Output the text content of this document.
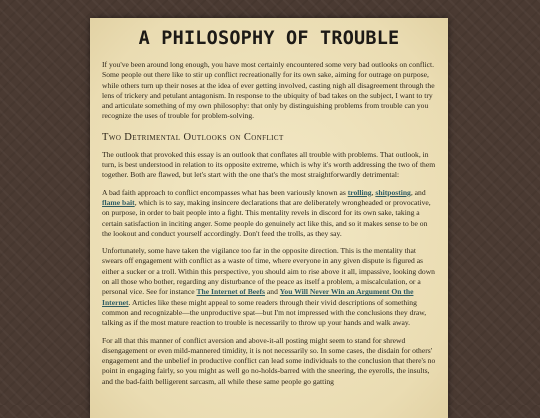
A PHILOSOPHY OF TROUBLE

If you've been around long enough, you have most certainly encountered some very bad outlooks on conflict. Some people out there like to stir up conflict recreationally for its own sake, aiming for outrage on purpose, while others turn up their noses at the idea of ever getting involved, casting nigh all disagreement through the lens of trickery and petulant antagonism. In response to the ubiquity of bad takes on the subject, I want to try and articulate something of my own philosophy: that only by distinguishing problems from trouble can you recognize the uses of trouble for problem-solving.

Two Detrimental Outlooks on Conflict

The outlook that provoked this essay is an outlook that conflates all trouble with problems. That outlook, in turn, is best understood in relation to its opposite extreme, which is why it's worth addressing the two of them together. Both are flawed, but let's start with the one that's the most straightforwardly detrimental:

A bad faith approach to conflict encompasses what has been variously known as trolling, shitposting, and flame bait, which is to say, making insincere declarations that are deliberately wrongheaded or provocative, on purpose, in order to bait people into a fight. This mentality revels in discord for its own sake, taking a certain satisfaction in inciting anger. Some people do genuinely act like this, and so it makes sense to be on the lookout and conduct yourself accordingly. Don't feed the trolls, as they say.

Unfortunately, some have taken the vigilance too far in the opposite direction. This is the mentality that swears off engagement with conflict as a waste of time, where everyone in any given dispute is figured as either a sucker or a troll. Within this perspective, you should aim to rise above it all, impassive, looking down on all those who bother, regarding any disturbance of the peace as itself a problem, a miscalculation, or a personal vice. See for instance The Internet of Beefs and You Will Never Win an Argument On the Internet. Articles like these might appeal to some readers through their vivid descriptions of something common and recognizable—the unproductive spat—but I'm not impressed with the conclusions they draw, talking as if the most mature reaction to trouble is necessarily to throw up your hands and walk away.

For all that this manner of conflict aversion and above-it-all posting might seem to stand for shrewd disengagement or even mild-mannered timidity, it is not necessarily so. In some cases, the disdain for others' engagement and the unbelief in productive conflict can lead some individuals to the conclusion that there's no point in engaging fairly, so you might as well go no-holds-barred with the sneering, the eyerolls, the insults, and the bad-faith belligerent sarcasm, all while these same people go gatting
